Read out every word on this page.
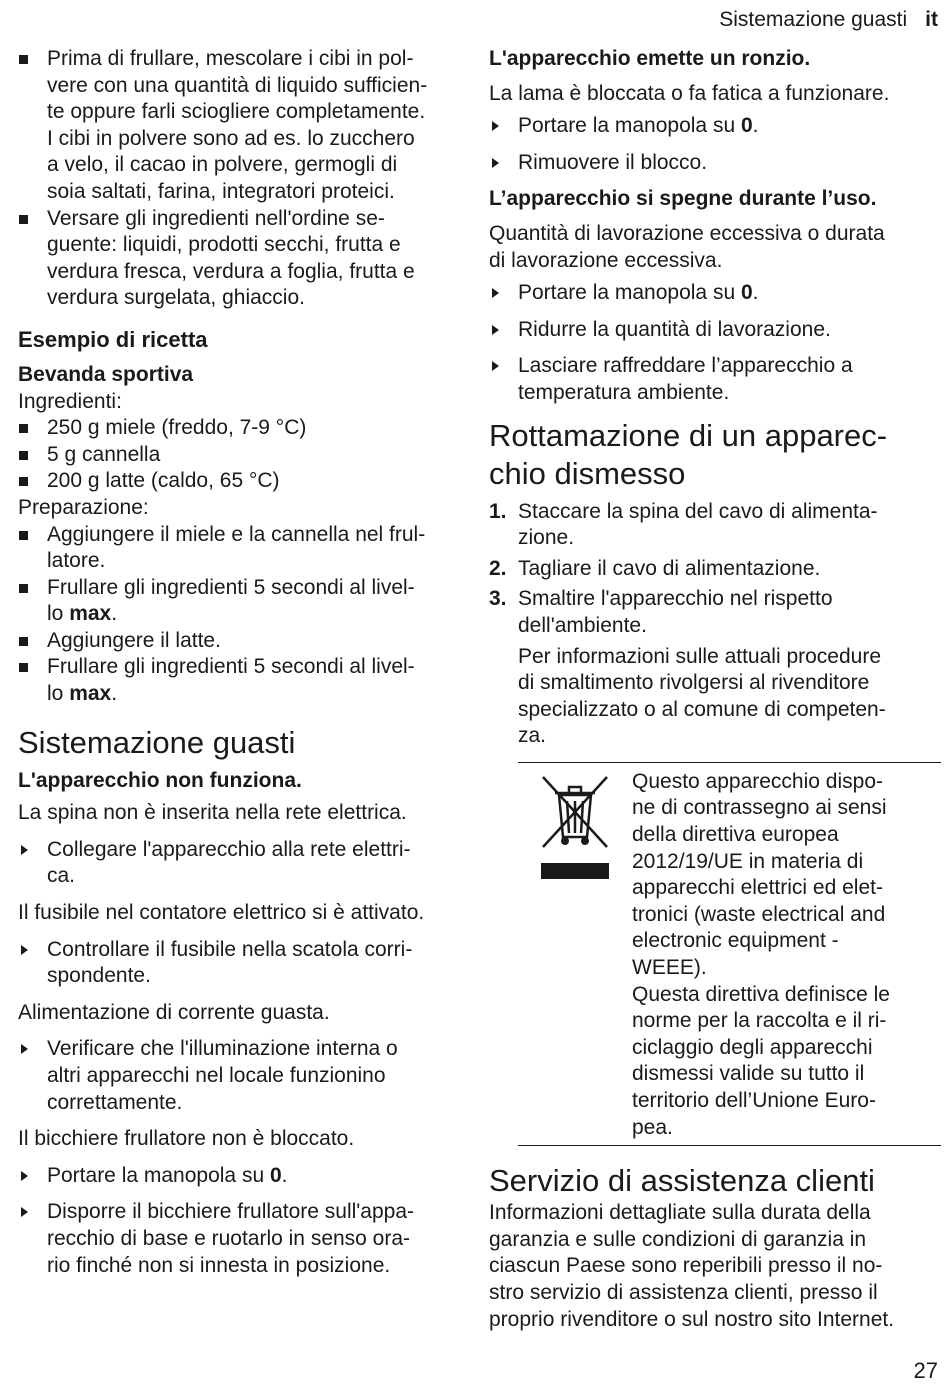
Sistemazione guasti it
Prima di frullare, mescolare i cibi in pol-
vere con una quantità di liquido sufficien-
te oppure farli sciogliere completamente.
I cibi in polvere sono ad es. lo zucchero
a velo, il cacao in polvere, germogli di
soia saltati, farina, integratori proteici.
Versare gli ingredienti nell'ordine se-
guente: liquidi, prodotti secchi, frutta e
verdura fresca, verdura a foglia, frutta e
verdura surgelata, ghiaccio.
Esempio di ricetta
Bevanda sportiva

Ingredienti:

250 g miele (freddo, 7-9 °C)
5 g cannella
200 g latte (caldo, 65 °C)

Preparazione:

Aggiungere il miele e la cannella nel frul-
latore.
Frullare gli ingredienti 5 secondi al livel-
lo max.
Aggiungere il latte.
Frullare gli ingredienti 5 secondi al livel-
lo max.
Sistemazione guasti
L'apparecchio non funziona.

La spina non è inserita nella rete elettrica.

Collegare l'apparecchio alla rete elettri-
ca.

Il fusibile nel contatore elettrico si è attivato.

Controllare il fusibile nella scatola corri-
spondente.

Alimentazione di corrente guasta.

Verificare che l'illuminazione interna o
altri apparecchi nel locale funzionino
correttamente.

Il bicchiere frullatore non è bloccato.

Portare la manopola su 0.
Disporre il bicchiere frullatore sull'appa-
recchio di base e ruotarlo in senso ora-
rio finché non si innesta in posizione.
L'apparecchio emette un ronzio.

La lama è bloccata o fa fatica a funzionare.

Portare la manopola su 0.
Rimuovere il blocco.
L’apparecchio si spegne durante l’uso.

Quantità di lavorazione eccessiva o durata
di lavorazione eccessiva.

Portare la manopola su 0.
Ridurre la quantità di lavorazione.
Lasciare raffreddare l’apparecchio a
temperatura ambiente.
Rottamazione di un apparec-
chio dismesso
1. Staccare la spina del cavo di alimenta-
zione.
2. Tagliare il cavo di alimentazione.
3. Smaltire l'apparecchio nel rispetto
dell'ambiente.

Per informazioni sulle attuali procedure
di smaltimento rivolgersi al rivenditore
specializzato o al comune di competen-
za.

Questo apparecchio dispo-
ne di contrassegno ai sensi
della direttiva europea
2012/19/UE in materia di
apparecchi elettrici ed elet-
tronici (waste electrical and
electronic equipment -
WEEE).
Questa direttiva definisce le
norme per la raccolta e il ri-
ciclaggio degli apparecchi
dismessi valide su tutto il
territorio dell’Unione Euro-
pea.

Servizio di assistenza clienti

Informazioni dettagliate sulla durata della
garanzia e sulle condizioni di garanzia in
ciascun Paese sono reperibili presso il no-
stro servizio di assistenza clienti, presso il
proprio rivenditore o sul nostro sito Internet.

27
